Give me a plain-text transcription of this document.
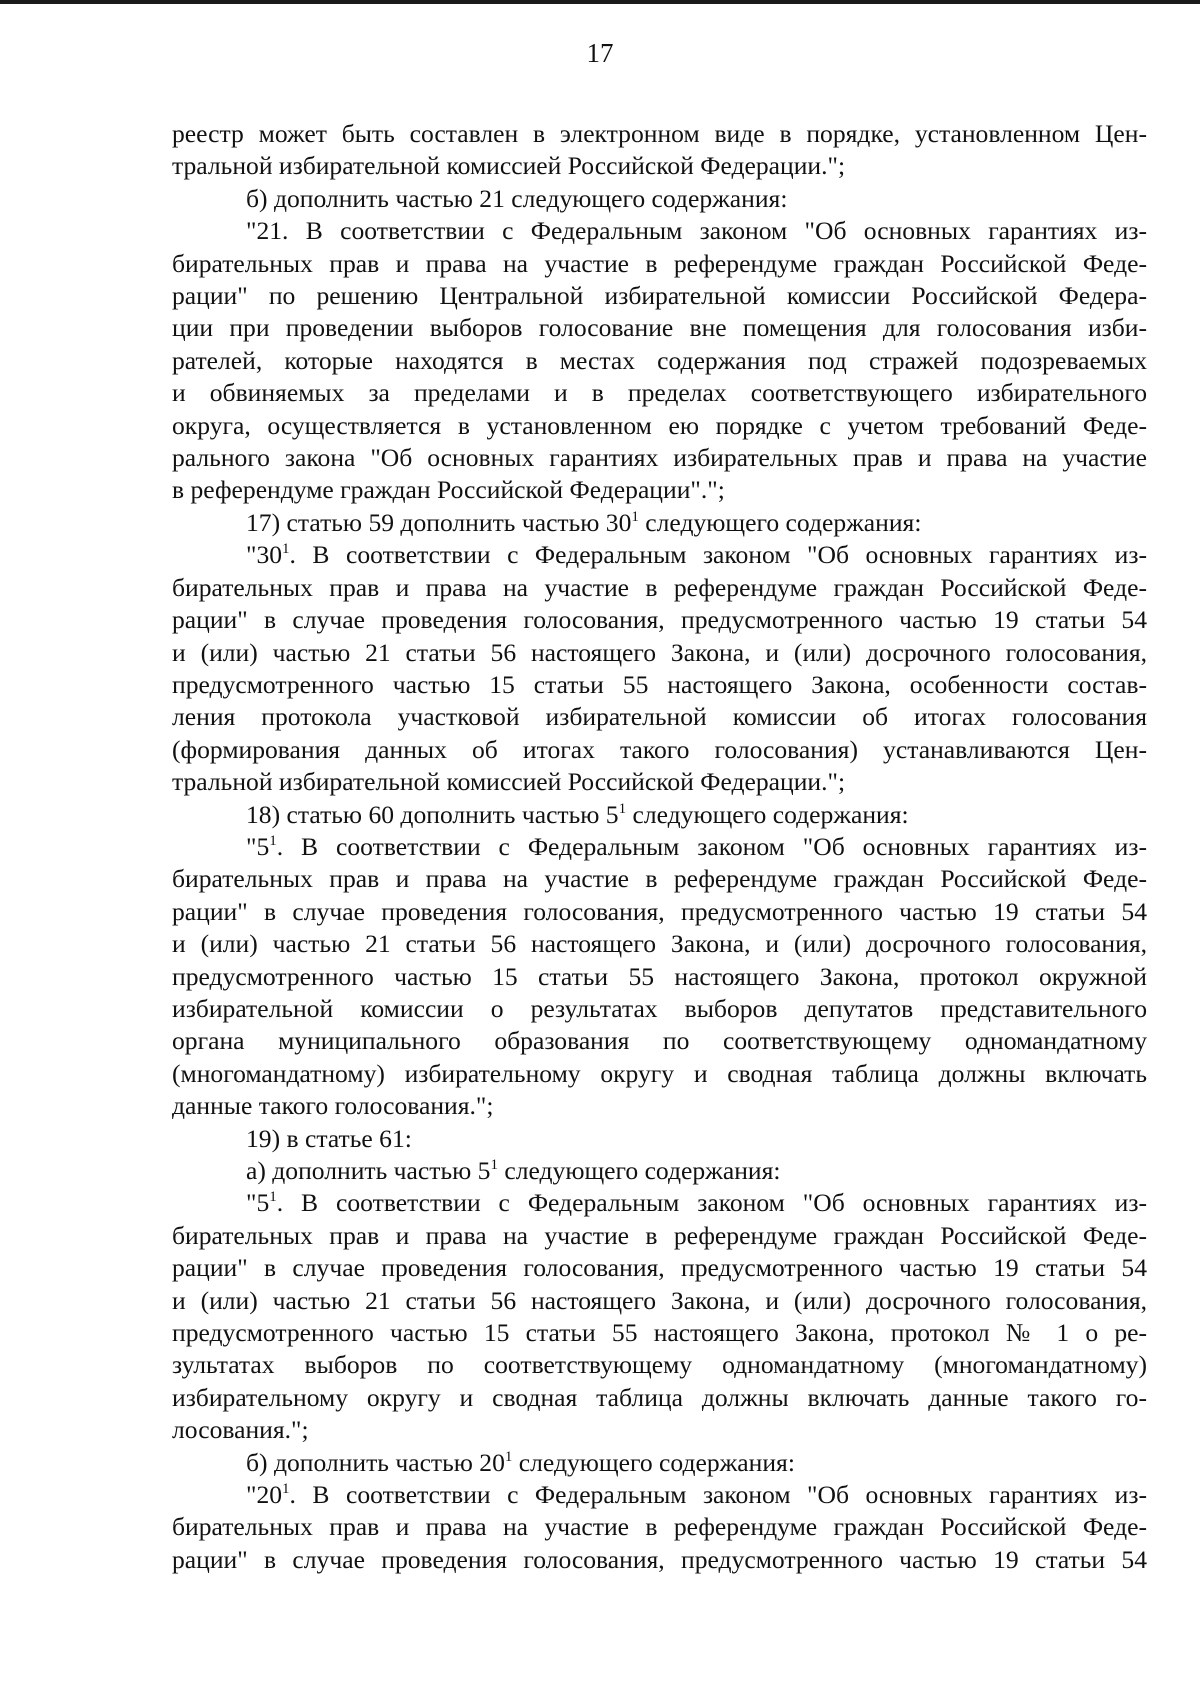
17
реестр может быть составлен в электронном виде в порядке, установленном Цен-
тральной избирательной комиссией Российской Федерации.";
б) дополнить частью 21 следующего содержания:
"21. В соответствии с Федеральным законом "Об основных гарантиях из-
бирательных прав и права на участие в референдуме граждан Российской Феде-
рации" по решению Центральной избирательной комиссии Российской Федера-
ции при проведении выборов голосование вне помещения для голосования изби-
рателей, которые находятся в местах содержания под стражей подозреваемых
и обвиняемых за пределами и в пределах соответствующего избирательного
округа, осуществляется в установленном ею порядке с учетом требований Феде-
рального закона "Об основных гарантиях избирательных прав и права на участие
в референдуме граждан Российской Федерации".";
17) статью 59 дополнить частью $30^1$ следующего содержания:
"$30^1$. В соответствии с Федеральным законом "Об основных гарантиях из-
бирательных прав и права на участие в референдуме граждан Российской Феде-
рации" в случае проведения голосования, предусмотренного частью 19 статьи 54
и (или) частью 21 статьи 56 настоящего Закона, и (или) досрочного голосования,
предусмотренного частью 15 статьи 55 настоящего Закона, особенности состав-
ления протокола участковой избирательной комиссии об итогах голосования
(формирования данных об итогах такого голосования) устанавливаются Цен-
тральной избирательной комиссией Российской Федерации.";
18) статью 60 дополнить частью $5^1$ следующего содержания:
"$5^1$. В соответствии с Федеральным законом "Об основных гарантиях из-
бирательных прав и права на участие в референдуме граждан Российской Феде-
рации" в случае проведения голосования, предусмотренного частью 19 статьи 54
и (или) частью 21 статьи 56 настоящего Закона, и (или) досрочного голосования,
предусмотренного частью 15 статьи 55 настоящего Закона, протокол окружной
избирательной комиссии о результатах выборов депутатов представительного
органа муниципального образования по соответствующему одномандатному
(многомандатному) избирательному округу и сводная таблица должны включать
данные такого голосования.";
19) в статье 61:
а) дополнить частью $5^1$ следующего содержания:
"$5^1$. В соответствии с Федеральным законом "Об основных гарантиях из-
бирательных прав и права на участие в референдуме граждан Российской Феде-
рации" в случае проведения голосования, предусмотренного частью 19 статьи 54
и (или) частью 21 статьи 56 настоящего Закона, и (или) досрочного голосования,
предусмотренного частью 15 статьи 55 настоящего Закона, протокол № 1 о ре-
зультатах выборов по соответствующему одномандатному (многомандатному)
избирательному округу и сводная таблица должны включать данные такого го-
лосования.";
б) дополнить частью $20^1$ следующего содержания:
"$20^1$. В соответствии с Федеральным законом "Об основных гарантиях из-
бирательных прав и права на участие в референдуме граждан Российской Феде-
рации" в случае проведения голосования, предусмотренного частью 19 статьи 54
